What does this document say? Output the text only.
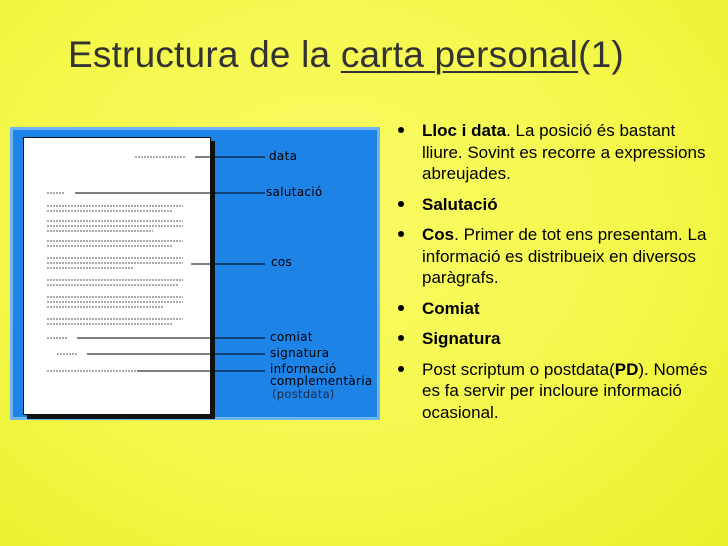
Estructura de la carta personal(1)
data
salutació
cos
comiat
signatura
informació
complementària
(postdata)
Lloc i data. La posició és bastant lliure. Sovint es recorre a expressions abreujades.
Salutació
Cos. Primer de tot ens presentam. La informació es distribueix en diversos paràgrafs.
Comiat
Signatura
Post scriptum o postdata(PD). Només es fa servir per incloure informació ocasional.
